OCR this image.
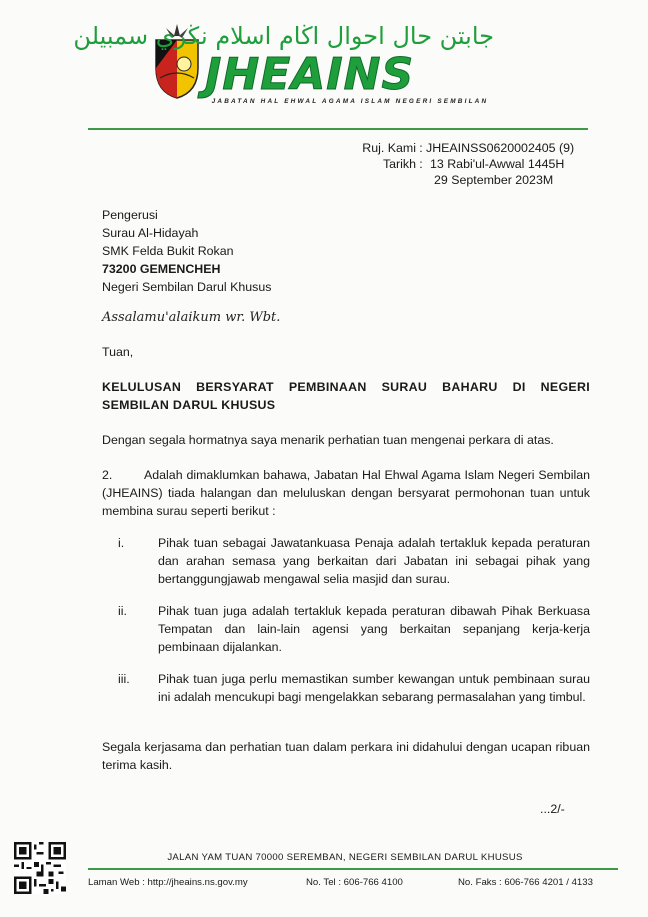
جابتن حال احوال اڬام اسلام نڬري سمبيلن
JHEAINS
JABATAN HAL EHWAL AGAMA ISLAM NEGERI SEMBILAN
Ruj. Kami : JHEAINSS0620002405 (9)
Tarikh : 13 Rabi'ul-Awwal 1445H
29 September 2023M
Pengerusi
Surau Al-Hidayah
SMK Felda Bukit Rokan
73200 GEMENCHEH
Negeri Sembilan Darul Khusus
Assalamu'alaikum wr. Wbt.
Tuan,
KELULUSAN BERSYARAT PEMBINAAN SURAU BAHARU DI NEGERI SEMBILAN DARUL KHUSUS
Dengan segala hormatnya saya menarik perhatian tuan mengenai perkara di atas.
2.	Adalah dimaklumkan bahawa, Jabatan Hal Ehwal Agama Islam Negeri Sembilan (JHEAINS) tiada halangan dan meluluskan dengan bersyarat permohonan tuan untuk membina surau seperti berikut :
i.	Pihak tuan sebagai Jawatankuasa Penaja adalah tertakluk kepada peraturan dan arahan semasa yang berkaitan dari Jabatan ini sebagai pihak yang bertanggungjawab mengawal selia masjid dan surau.
ii.	Pihak tuan juga adalah tertakluk kepada peraturan dibawah Pihak Berkuasa Tempatan dan lain-lain agensi yang berkaitan sepanjang kerja-kerja pembinaan dijalankan.
iii. Pihak tuan juga perlu memastikan sumber kewangan untuk pembinaan surau ini adalah mencukupi bagi mengelakkan sebarang permasalahan yang timbul.
Segala kerjasama dan perhatian tuan dalam perkara ini didahului dengan ucapan ribuan terima kasih.
...2/-
JALAN YAM TUAN 70000 SEREMBAN, NEGERI SEMBILAN DARUL KHUSUS
Laman Web : http://jheains.ns.gov.my	No. Tel : 606-766 4100	No. Faks : 606-766 4201 / 4133
